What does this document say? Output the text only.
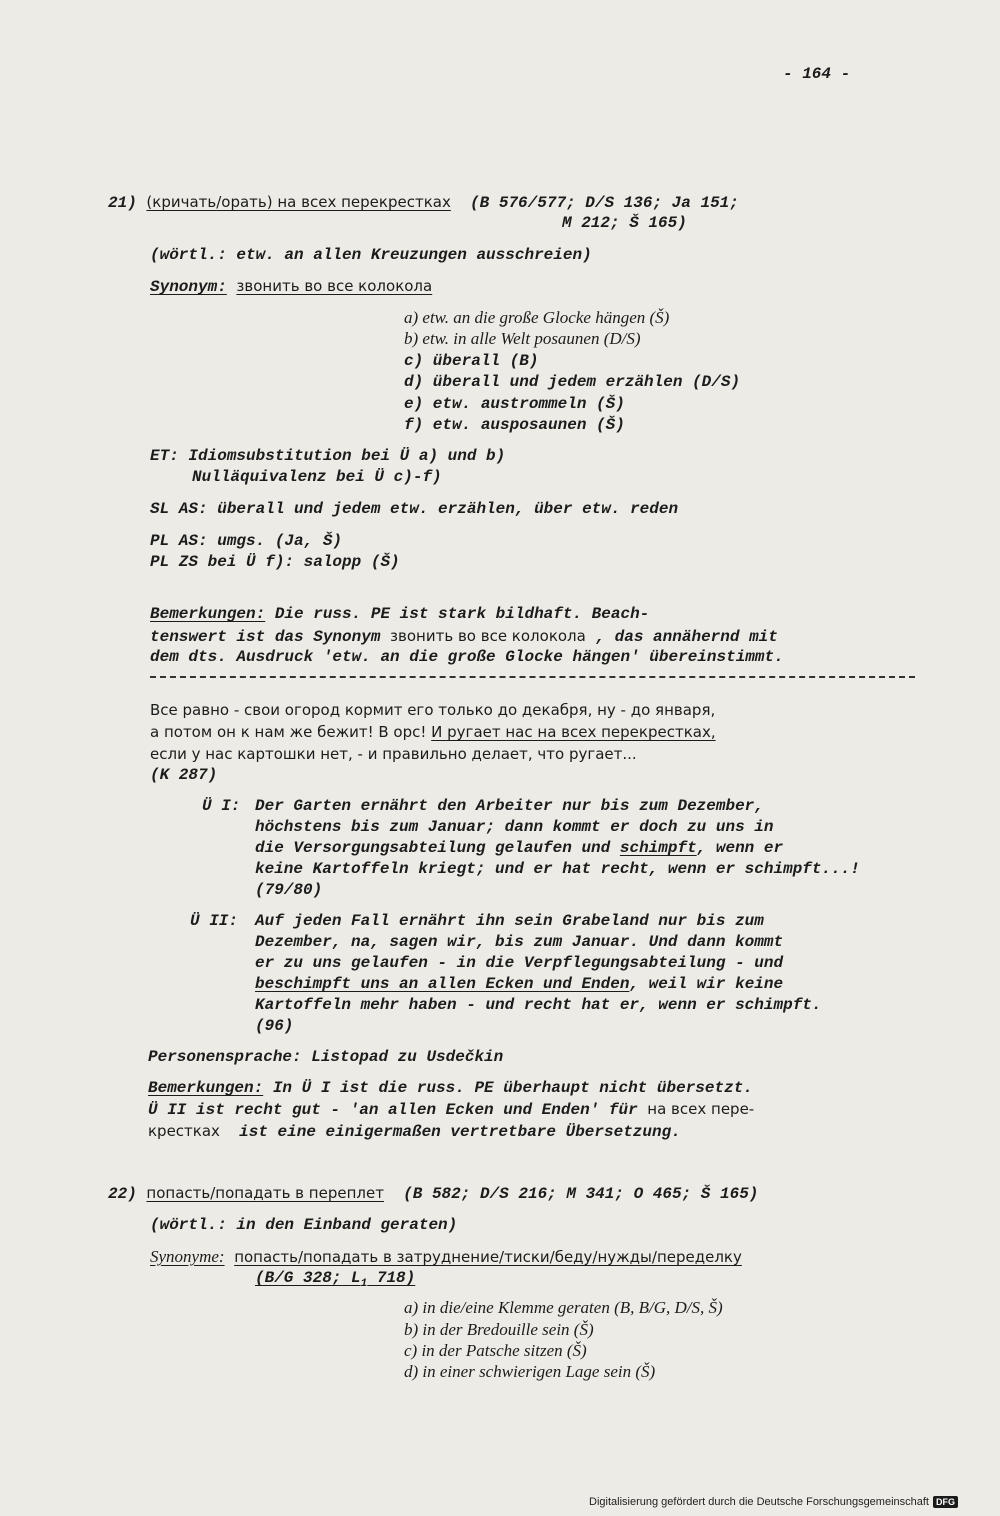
- 164 -
21) (кричать/орать) на всех перекрестках (B 576/577; D/S 136; Ja 151;
M 212; Š 165)
(wörtl.: etw. an allen Kreuzungen ausschreien)
Synonym: звонить во все колокола
a) etw. an die große Glocke hängen (Š)
b) etw. in alle Welt posaunen (D/S)
c) überall (B)
d) überall und jedem erzählen (D/S)
e) etw. austrommeln (Š)
f) etw. ausposaunen (Š)
ET: Idiomsubstitution bei Ü a) und b)
Nulläquivalenz bei Ü c)-f)
SL AS: überall und jedem etw. erzählen, über etw. reden
PL AS: umgs. (Ja, Š)
PL ZS bei Ü f): salopp (Š)
Bemerkungen: Die russ. PE ist stark bildhaft. Beach-
tenswert ist das Synonym звонить во все колокола , das annähernd mit
dem dts. Ausdruck 'etw. an die große Glocke hängen' übereinstimmt.
Все равно - свои огород кормит его только до декабря, ну - до января,
а потом он к нам же бежит! В орс! И ругает нас на всех перекрестках,
если у нас картошки нет, - и правильно делает, что ругает...
(K 287)
Ü I: Der Garten ernährt den Arbeiter nur bis zum Dezember,
höchstens bis zum Januar; dann kommt er doch zu uns in
die Versorgungsabteilung gelaufen und schimpft, wenn er
keine Kartoffeln kriegt; und er hat recht, wenn er schimpft...!
(79/80)
Ü II: Auf jeden Fall ernährt ihn sein Grabeland nur bis zum
Dezember, na, sagen wir, bis zum Januar. Und dann kommt
er zu uns gelaufen - in die Verpflegungsabteilung - und
beschimpft uns an allen Ecken und Enden, weil wir keine
Kartoffeln mehr haben - und recht hat er, wenn er schimpft.
(96)
Personensprache: Listopad zu Usdečkin
Bemerkungen: In Ü I ist die russ. PE überhaupt nicht übersetzt.
Ü II ist recht gut - 'an allen Ecken und Enden' für на всех пере-
крестках  ist eine einigermaßen vertretbare Übersetzung.
22) попасть/попадать в переплет (B 582; D/S 216; M 341; O 465; Š 165)
(wörtl.: in den Einband geraten)
Synonyme: попасть/попадать в затруднение/тиски/беду/нужды/переделку
(B/G 328; $L_1$ 718)
a) in die/eine Klemme geraten (B, B/G, D/S, Š)
b) in der Bredouille sein (Š)
c) in der Patsche sitzen (Š)
d) in einer schwierigen Lage sein (Š)
Digitalisierung gefördert durch die Deutsche Forschungsgemeinschaft DFG
